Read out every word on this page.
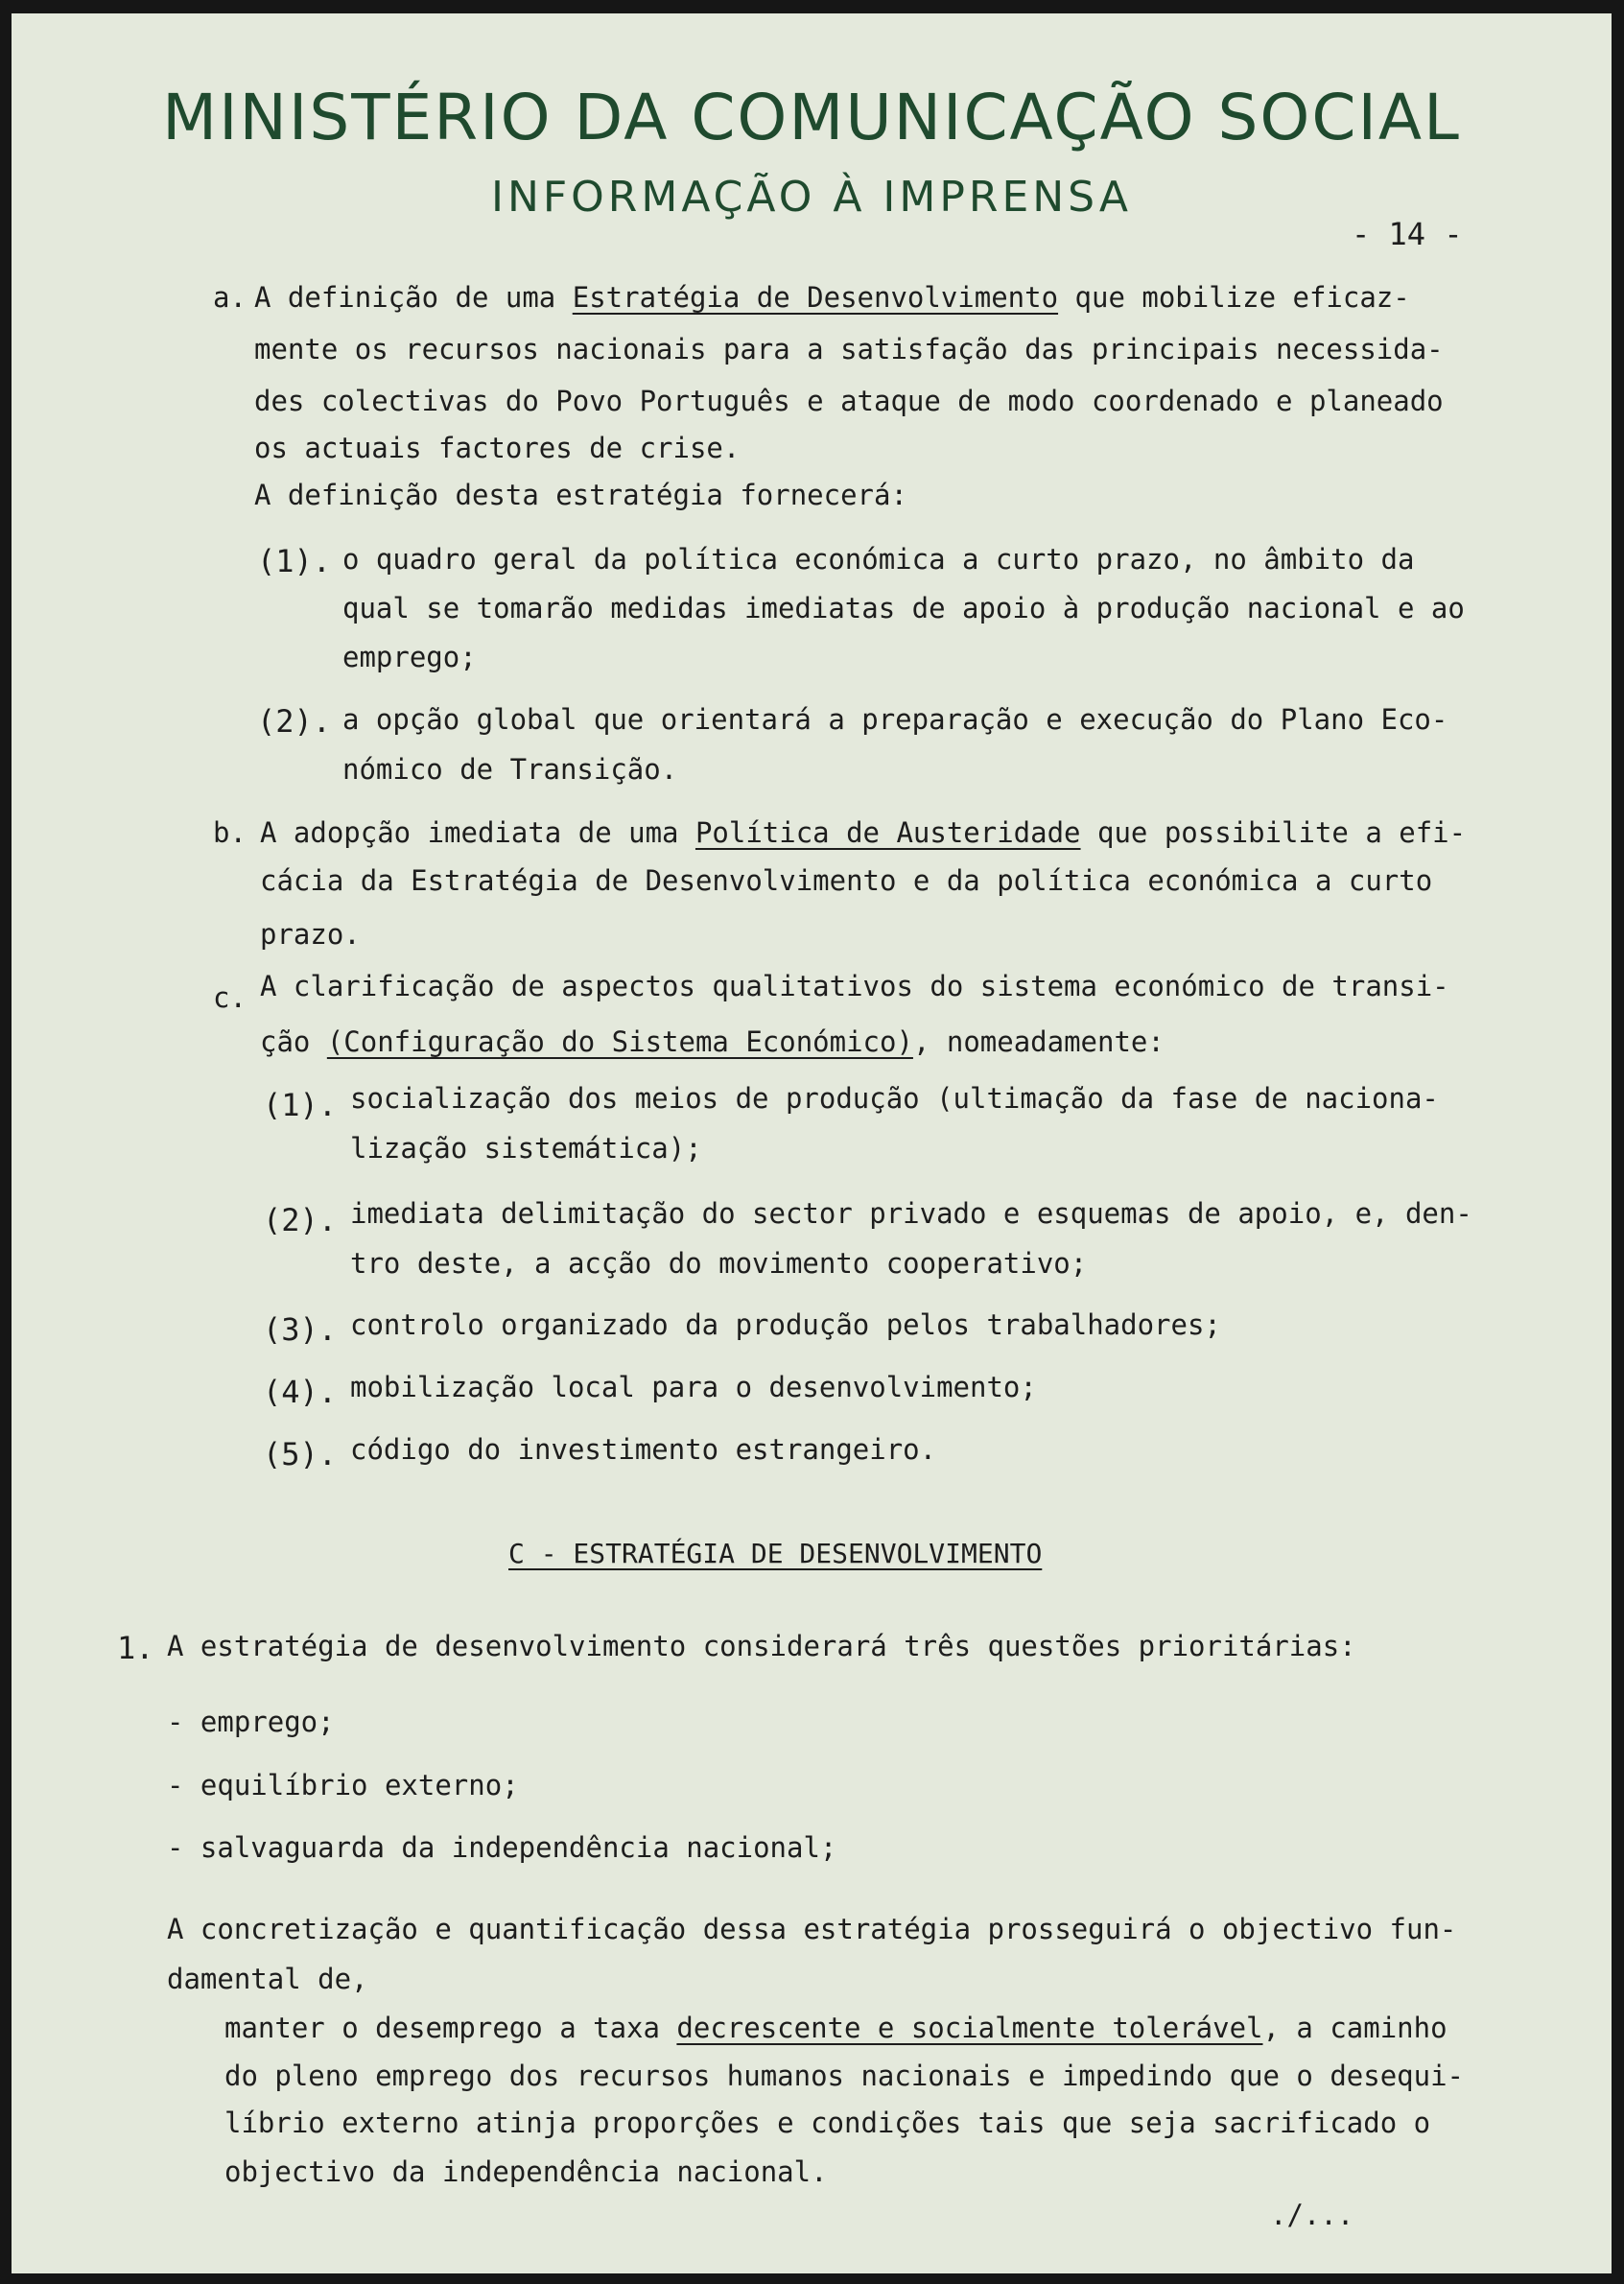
MINISTÉRIO DA COMUNICAÇÃO SOCIAL
INFORMAÇÃO À IMPRENSA
- 14 -
a. A definição de uma Estratégia de Desenvolvimento que mobilize eficaz-
mente os recursos nacionais para a satisfação das principais necessida-
des colectivas do Povo Português e ataque de modo coordenado e planeado
os actuais factores de crise.
A definição desta estratégia fornecerá:
(1). o quadro geral da política económica a curto prazo, no âmbito da
qual se tomarão medidas imediatas de apoio à produção nacional e ao
emprego;
(2). a opção global que orientará a preparação e execução do Plano Eco-
nómico de Transição.
b. A adopção imediata de uma Política de Austeridade que possibilite a efi-
cácia da Estratégia de Desenvolvimento e da política económica a curto
prazo.
c. A clarificação de aspectos qualitativos do sistema económico de transi-
ção (Configuração do Sistema Económico), nomeadamente:
(1). socialização dos meios de produção (ultimação da fase de naciona-
lização sistemática);
(2). imediata delimitação do sector privado e esquemas de apoio, e, den-
tro deste, a acção do movimento cooperativo;
(3). controlo organizado da produção pelos trabalhadores;
(4). mobilização local para o desenvolvimento;
(5). código do investimento estrangeiro.
C - ESTRATÉGIA DE DESENVOLVIMENTO
1. A estratégia de desenvolvimento considerará três questões prioritárias:
- emprego;
- equilíbrio externo;
- salvaguarda da independência nacional;
A concretização e quantificação dessa estratégia prosseguirá o objectivo fun-
damental de,
manter o desemprego a taxa decrescente e socialmente tolerável, a caminho
do pleno emprego dos recursos humanos nacionais e impedindo que o desequi-
líbrio externo atinja proporções e condições tais que seja sacrificado o
objectivo da independência nacional.
./...
